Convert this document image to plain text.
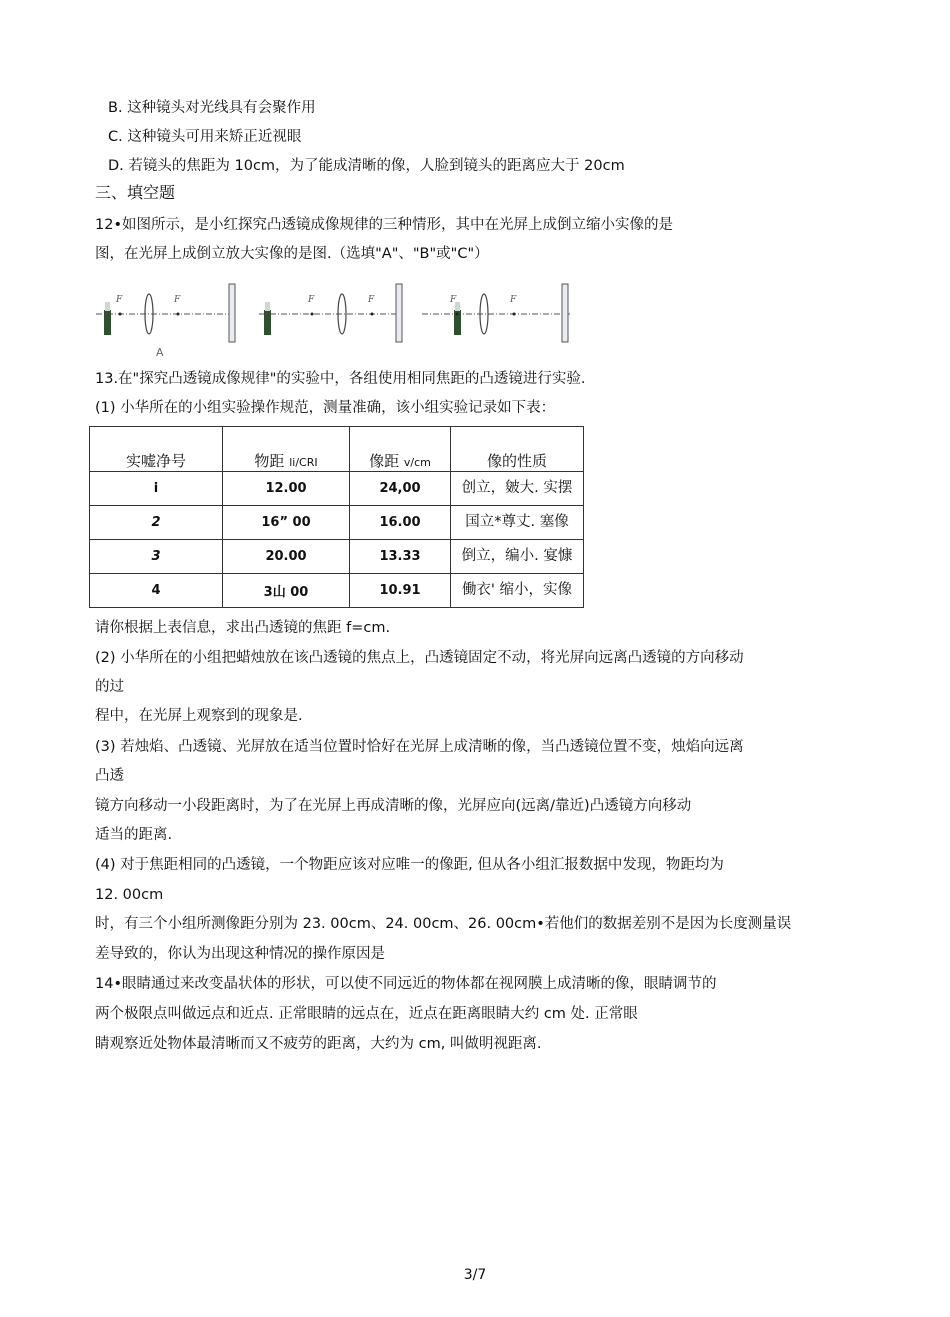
B. 这种镜头对光线具有会聚作用
C. 这种镜头可用来矫正近视眼
D. 若镜头的焦距为 10cm，为了能成清晰的像，人脸到镜头的距离应大于 20cm
三、填空题
12•如图所示，是小红探究凸透镜成像规律的三种情形，其中在光屏上成倒立缩小实像的是
图，在光屏上成倒立放大实像的是图.（选填"A"、"B"或"C"）
F	F
A
F	F	F	F
13.在"探究凸透镜成像规律"的实验中，各组使用相同焦距的凸透镜进行实验.
(1) 小华所在的小组实验操作规范，测量准确，该小组实验记录如下表：
实嘘净号	物距 li/CRI	像距 v/cm	像的性质
i	12.00	24,00	创立，皴大. 实摆
2	16” 00	16.00	国立*尊丈. 塞像
3	20.00	13.33	倒立，编小. 宴慷
4	3山 00	10.91	働衣' 缩小，实像
请你根据上表信息，求出凸透镜的焦距 f=cm.
(2) 小华所在的小组把蜡烛放在该凸透镜的焦点上，凸透镜固定不动，将光屏向远离凸透镜的方向移动
的过
程中，在光屏上观察到的现象是.
(3) 若烛焰、凸透镜、光屏放在适当位置时恰好在光屏上成清晰的像，当凸透镜位置不变，烛焰向远离
凸透
镜方向移动一小段距离时，为了在光屏上再成清晰的像，光屏应向(远离/靠近)凸透镜方向移动
适当的距离.
(4) 对于焦距相同的凸透镜，一个物距应该对应唯一的像距, 但从各小组汇报数据中发现，物距均为
12. 00cm
时，有三个小组所测像距分别为 23. 00cm、24. 00cm、26. 00cm•若他们的数据差别不是因为长度测量误
差导致的，你认为出现这种情况的操作原因是
14•眼睛通过来改变晶状体的形状，可以使不同远近的物体都在视网膜上成清晰的像，眼睛调节的
两个极限点叫做远点和近点. 正常眼睛的远点在，近点在距离眼睛大约 cm 处. 正常眼
睛观察近处物体最清晰而又不疲劳的距离，大约为 cm, 叫做明视距离.
3/7
